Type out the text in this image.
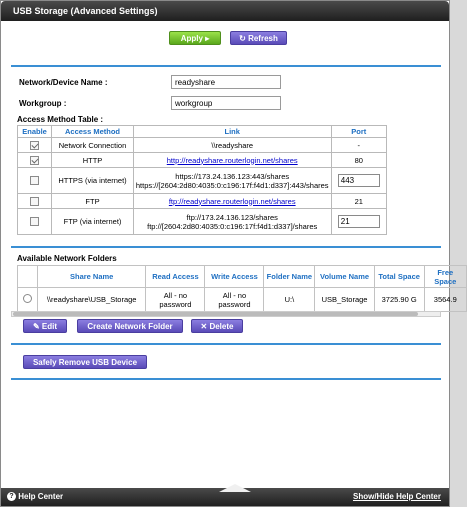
USB Storage (Advanced Settings)
Apply ▸	↻ Refresh
Network/Device Name :
readyshare
Workgroup :
workgroup
Access Method Table :
Enable	Access Method	Link	Port
	Network Connection	\\readyshare	-
	HTTP	http://readyshare.routerlogin.net/shares	80
	HTTPS (via internet)	https://173.24.136.123:443/shares
https://[2604:2d80:4035:0:c196:17f:f4d1:d337]:443/shares	443
	FTP	ftp://readyshare.routerlogin.net/shares	21
	FTP (via internet)	ftp://173.24.136.123/shares
ftp://[2604:2d80:4035:0:c196:17f:f4d1:d337]/shares	21
Available Network Folders
	Share Name	Read Access	Write Access	Folder Name	Volume Name	Total Space	Free Space
	\\readyshare\USB_Storage	All - no password	All - no password	U:\	USB_Storage	3725.90 G	3564.9
✎ Edit	Create Network Folder	✕ Delete
Safely Remove USB Device
? Help Center	Show/Hide Help Center
